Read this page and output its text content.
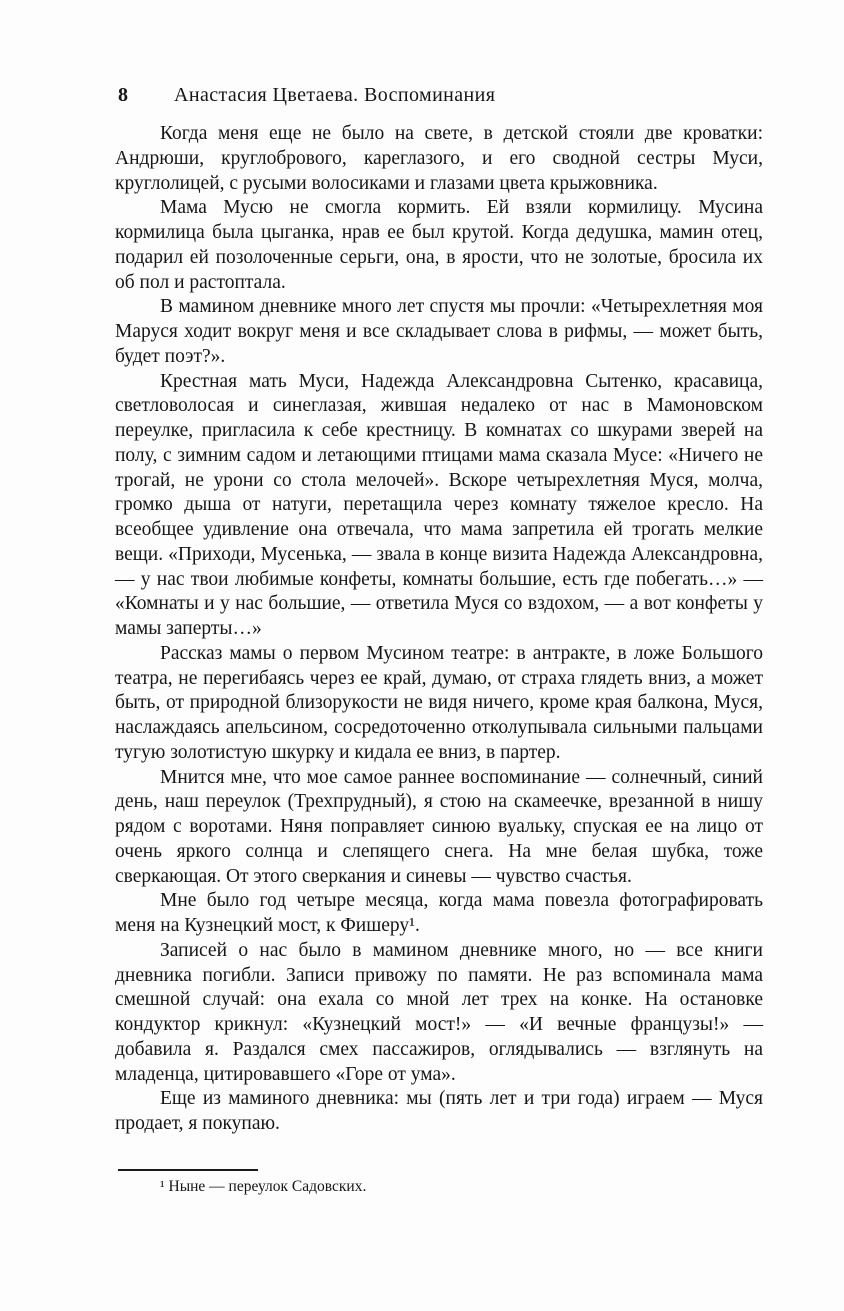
8 Анастасия Цветаева. Воспоминания

Когда меня еще не было на свете, в детской стояли две кроватки: Андрюши, круглобрового, кареглазого, и его сводной сестры Муси, круглолицей, с русыми волосиками и глазами цвета крыжовника.

Мама Мусю не смогла кормить. Ей взяли кормилицу. Мусина кормилица была цыганка, нрав ее был крутой. Когда дедушка, мамин отец, подарил ей позолоченные серьги, она, в ярости, что не золотые, бросила их об пол и растоптала.

В мамином дневнике много лет спустя мы прочли: «Четырехлетняя моя Маруся ходит вокруг меня и все складывает слова в рифмы, — может быть, будет поэт?».

Крестная мать Муси, Надежда Александровна Сытенко, красавица, светловолосая и синеглазая, жившая недалеко от нас в Мамоновском переулке, пригласила к себе крестницу. В комнатах со шкурами зверей на полу, с зимним садом и летающими птицами мама сказала Мусе: «Ничего не трогай, не урони со стола мелочей». Вскоре четырехлетняя Муся, молча, громко дыша от натуги, перетащила через комнату тяжелое кресло. На всеобщее удивление она отвечала, что мама запретила ей трогать мелкие вещи. «Приходи, Мусенька, — звала в конце визита Надежда Александровна, — у нас твои любимые конфеты, комнаты большие, есть где побегать…» — «Комнаты и у нас большие, — ответила Муся со вздохом, — а вот конфеты у мамы заперты…»

Рассказ мамы о первом Мусином театре: в антракте, в ложе Большого театра, не перегибаясь через ее край, думаю, от страха глядеть вниз, а может быть, от природной близорукости не видя ничего, кроме края балкона, Муся, наслаждаясь апельсином, сосредоточенно отколупывала сильными пальцами тугую золотистую шкурку и кидала ее вниз, в партер.

Мнится мне, что мое самое раннее воспоминание — солнечный, синий день, наш переулок (Трехпрудный), я стою на скамеечке, врезанной в нишу рядом с воротами. Няня поправляет синюю вуальку, спуская ее на лицо от очень яркого солнца и слепящего снега. На мне белая шубка, тоже сверкающая. От этого сверкания и синевы — чувство счастья.

Мне было год четыре месяца, когда мама повезла фотографировать меня на Кузнецкий мост, к Фишеру¹.

Записей о нас было в мамином дневнике много, но — все книги дневника погибли. Записи привожу по памяти. Не раз вспоминала мама смешной случай: она ехала со мной лет трех на конке. На остановке кондуктор крикнул: «Кузнецкий мост!» — «И вечные французы!» — добавила я. Раздался смех пассажиров, оглядывались — взглянуть на младенца, цитировавшего «Горе от ума».

Еще из маминого дневника: мы (пять лет и три года) играем — Муся продает, я покупаю.

¹ Ныне — переулок Садовских.
